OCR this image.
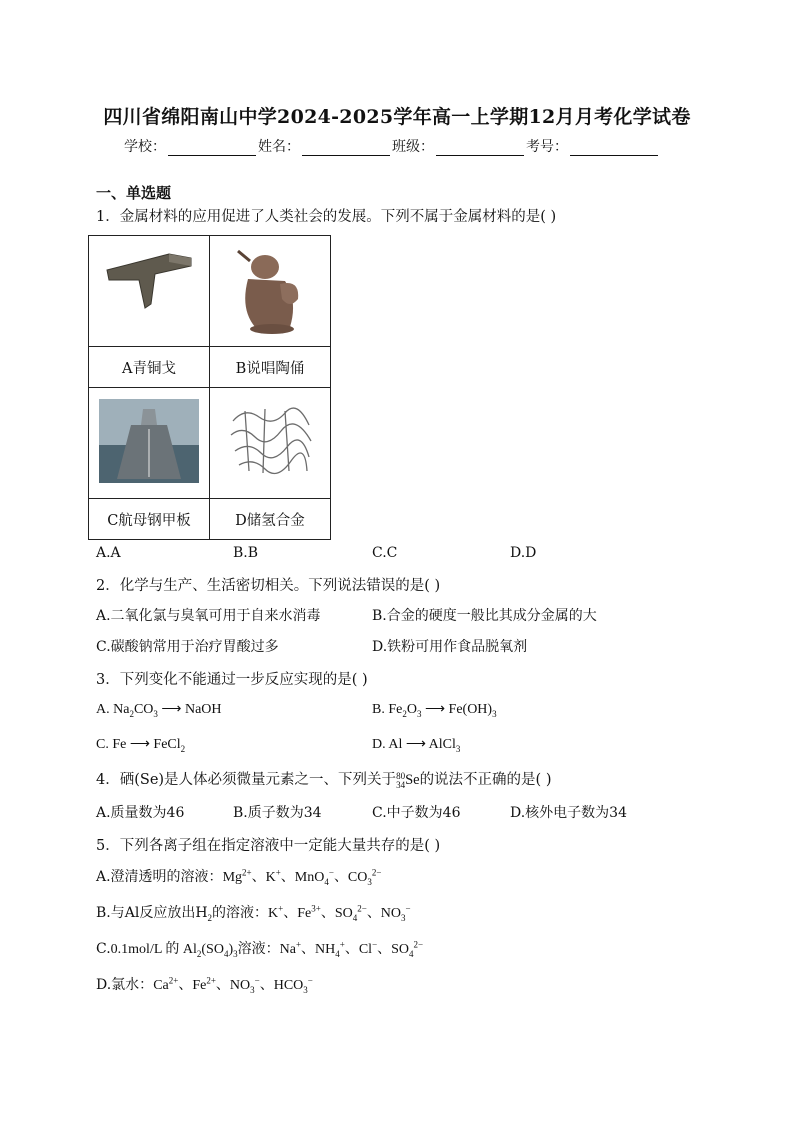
四川省绵阳南山中学2024-2025学年高一上学期12月月考化学试卷
学校：	姓名：	班级：	考号：
一、单选题
1．金属材料的应用促进了人类社会的发展。下列不属于金属材料的是( )

A青铜戈	B说唱陶俑

C航母钢甲板	D储氢合金
A.A	B.B	C.C	D.D
2．化学与生产、生活密切相关。下列说法错误的是( )
A.二氧化氯与臭氧可用于自来水消毒	B.合金的硬度一般比其成分金属的大
C.碳酸钠常用于治疗胃酸过多	D.铁粉可用作食品脱氧剂
3．下列变化不能通过一步反应实现的是( )
A. $Na_2CO_3$ ⟶ NaOH	B. $Fe_2O_3$ ⟶ $Fe(OH)_3$
C. Fe ⟶ FeCl$_2$	D. Al ⟶ AlCl$_3$
4．硒(Se)是人体必须微量元素之一、下列关于80
34Se的说法不正确的是( )
A.质量数为46	B.质子数为34	C.中子数为46	D.核外电子数为34
5．下列各离子组在指定溶液中一定能大量共存的是( )
A.澄清透明的溶液：$Mg^{2+}$、K+、MnO$_4$−、$CO_3^{2-}$
B.与Al反应放出$H_2$的溶液：K+、$Fe^{3+}$、$SO_4^{2-}$、$NO_3^-$
C.0.1mol/L 的 $Al_2(SO_4)_3$溶液：Na+、$NH_4^+$、Cl−、$SO_4^{2-}$
D.氯水：$Ca^{2+}$、$Fe^{2+}$、$NO_3^-$、$HCO_3^-$
